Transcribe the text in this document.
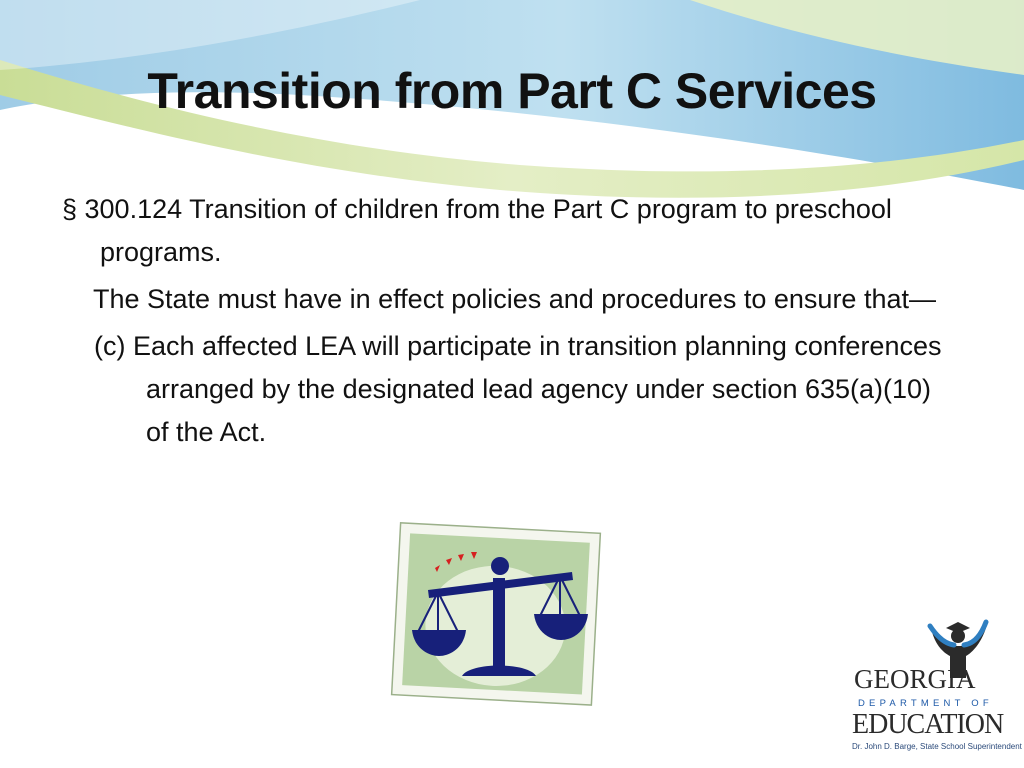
Transition from Part C Services

§ 300.124 Transition of children from the Part C program to preschool programs.

The State must have in effect policies and procedures to ensure that—

(c) Each affected LEA will participate in transition planning conferences arranged by the designated lead agency under section 635(a)(10) of the Act.

GEORGIA
DEPARTMENT OF
EDUCATION
Dr. John D. Barge, State School Superintendent
